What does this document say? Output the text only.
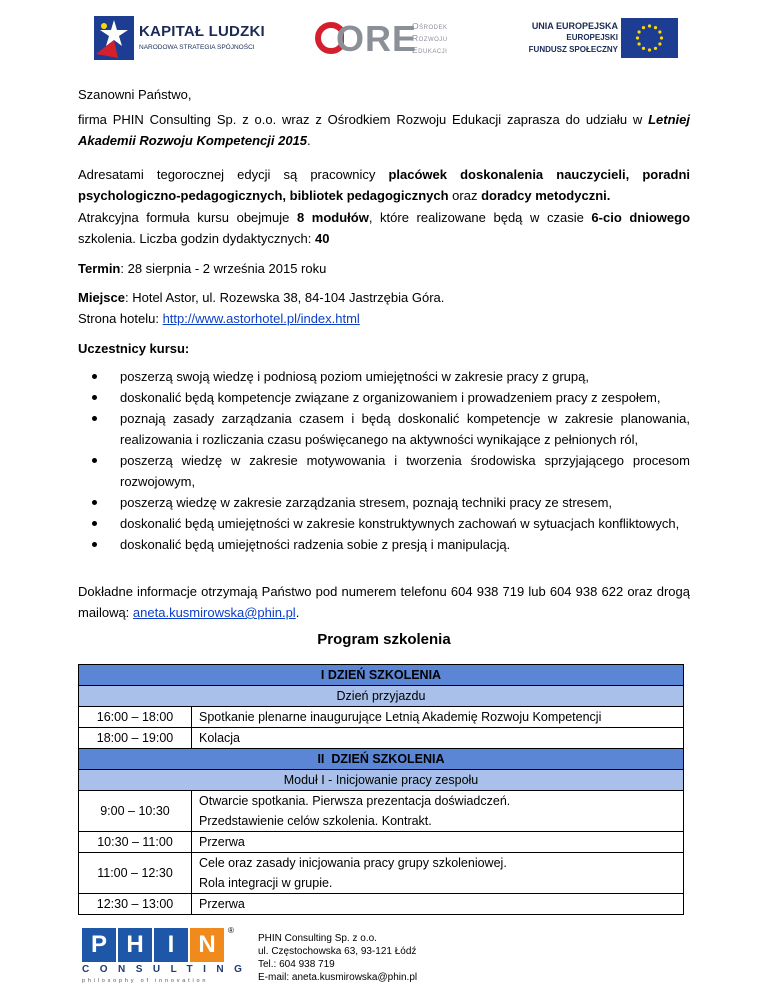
KAPITAŁ LUDZKI
NARODOWA STRATEGIA SPÓJNOŚCI ORE
Ośrodek
Rozwoju
Edukacji
UNIA EUROPEJSKA
EUROPEJSKI
FUNDUSZ SPOŁECZNY
Szanowni Państwo,
firma PHIN Consulting Sp. z o.o. wraz z Ośrodkiem Rozwoju Edukacji zaprasza do udziału w Letniej Akademii Rozwoju Kompetencji 2015.
Adresatami tegorocznej edycji są pracownicy placówek doskonalenia nauczycieli, poradni psychologiczno-pedagogicznych, bibliotek pedagogicznych oraz doradcy metodyczni.
Atrakcyjna formuła kursu obejmuje 8 modułów, które realizowane będą w czasie 6-cio dniowego szkolenia. Liczba godzin dydaktycznych: 40
Termin: 28 sierpnia - 2 września 2015 roku
Miejsce: Hotel Astor, ul. Rozewska 38, 84-104 Jastrzębia Góra.
Strona hotelu: http://www.astorhotel.pl/index.html
Uczestnicy kursu:
poszerzą swoją wiedzę i podniosą poziom umiejętności w zakresie pracy z grupą,
doskonalić będą kompetencje związane z organizowaniem i prowadzeniem pracy z zespołem,
poznają zasady zarządzania czasem i będą doskonalić kompetencje w zakresie planowania, realizowania i rozliczania czasu poświęcanego na aktywności wynikające z pełnionych ról,
poszerzą wiedzę w zakresie motywowania i tworzenia środowiska sprzyjającego procesom rozwojowym,
poszerzą wiedzę w zakresie zarządzania stresem, poznają techniki pracy ze stresem,
doskonalić będą umiejętności w zakresie konstruktywnych zachowań w sytuacjach konfliktowych,
doskonalić będą umiejętności radzenia sobie z presją i manipulacją.
Dokładne informacje otrzymają Państwo pod numerem telefonu 604 938 719 lub 604 938 622 oraz drogą mailową: aneta.kusmirowska@phin.pl.
Program szkolenia
I DZIEŃ SZKOLENIA	
Dzień przyjazdu	
16:00 – 18:00	Spotkanie plenarne inaugurujące Letnią Akademię Rozwoju Kompetencji
18:00 – 19:00	Kolacja
II  DZIEŃ SZKOLENIA	
Moduł I - Inicjowanie pracy zespołu	
9:00 – 10:30	Otwarcie spotkania. Pierwsza prezentacja doświadczeń.
Przedstawienie celów szkolenia. Kontrakt.

10:30 – 11:00	Przerwa
11:00 – 12:30	Cele oraz zasady inicjowania pracy grupy szkoleniowej.
Rola integracji w grupie.

12:30 – 13:00	Przerwa
P H I	N
®
CONSULTING
philosophy of innovation
PHIN Consulting Sp. z o.o.
ul. Częstochowska 63, 93-121 Łódź
Tel.: 604 938 719
E-mail: aneta.kusmirowska@phin.pl
